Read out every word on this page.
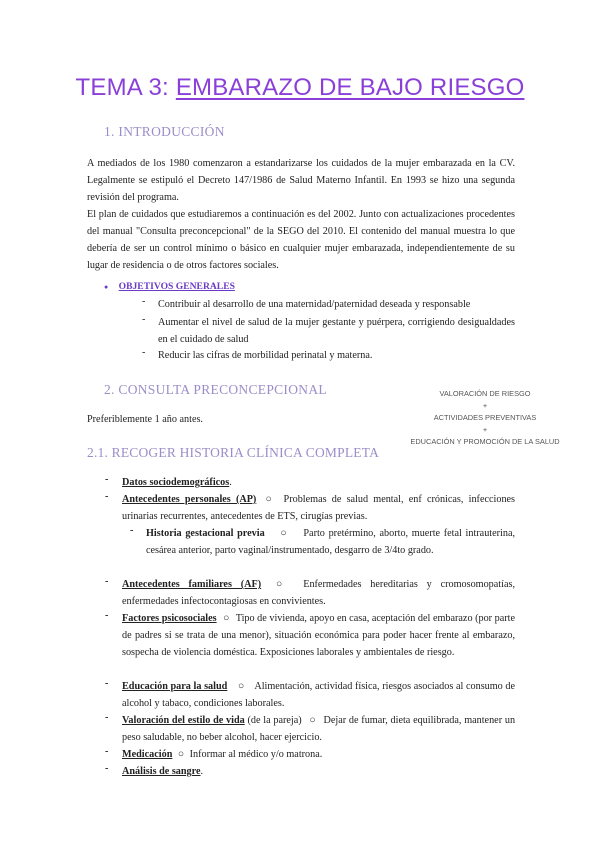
TEMA 3: EMBARAZO DE BAJO RIESGO
1. INTRODUCCIÓN
A mediados de los 1980 comenzaron a estandarizarse los cuidados de la mujer embarazada en la CV. Legalmente se estipuló el Decreto 147/1986 de Salud Materno Infantil. En 1993 se hizo una segunda revisión del programa.
El plan de cuidados que estudiaremos a continuación es del 2002. Junto con actualizaciones procedentes del manual "Consulta preconcepcional" de la SEGO del 2010. El contenido del manual muestra lo que debería de ser un control mínimo o básico en cualquier mujer embarazada, independientemente de su lugar de residencia o de otros factores sociales.
● OBJETIVOS GENERALES
- Contribuir al desarrollo de una maternidad/paternidad deseada y responsable
- Aumentar el nivel de salud de la mujer gestante y puérpera, corrigiendo desigualdades en el cuidado de salud
- Reducir las cifras de morbilidad perinatal y materna.
2. CONSULTA PRECONCEPCIONAL
Preferiblemente 1 año antes.
VALORACIÓN DE RIESGO
+
ACTIVIDADES PREVENTIVAS
+
EDUCACIÓN Y PROMOCIÓN DE LA SALUD
2.1. RECOGER HISTORIA CLÍNICA COMPLETA
- Datos sociodemográficos.
- Antecedentes personales (AP) ○ Problemas de salud mental, enf crónicas, infecciones urinarias recurrentes, antecedentes de ETS, cirugías previas.
- Historia gestacional previa ○ Parto pretérmino, aborto, muerte fetal intrauterina, cesárea anterior, parto vaginal/instrumentado, desgarro de 3/4to grado.
- Antecedentes familiares (AF) ○ Enfermedades hereditarias y cromosomopatías, enfermedades infectocontagiosas en convivientes.
- Factores psicosociales ○ Tipo de vivienda, apoyo en casa, aceptación del embarazo (por parte de padres si se trata de una menor), situación económica para poder hacer frente al embarazo, sospecha de violencia doméstica. Exposiciones laborales y ambientales de riesgo.
- Educación para la salud ○ Alimentación, actividad física, riesgos asociados al consumo de alcohol y tabaco, condiciones laborales.
- Valoración del estilo de vida (de la pareja) ○ Dejar de fumar, dieta equilibrada, mantener un peso saludable, no beber alcohol, hacer ejercicio.
- Medicación ○ Informar al médico y/o matrona.
- Análisis de sangre.
